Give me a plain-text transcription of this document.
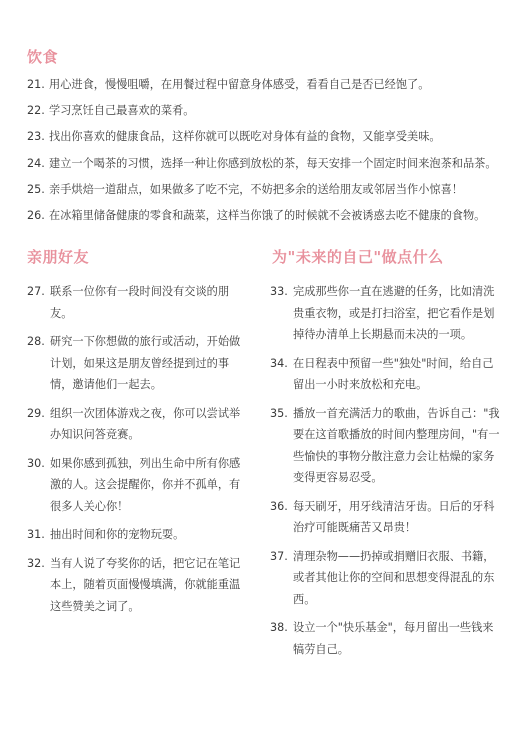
饮食
21. 用心进食，慢慢咀嚼，在用餐过程中留意身体感受，看看自己是否已经饱了。
22. 学习烹饪自己最喜欢的菜肴。
23. 找出你喜欢的健康食品，这样你就可以既吃对身体有益的食物，又能享受美味。
24. 建立一个喝茶的习惯，选择一种让你感到放松的茶，每天安排一个固定时间来泡茶和品茶。
25. 亲手烘焙一道甜点，如果做多了吃不完，不妨把多余的送给朋友或邻居当作小惊喜！
26. 在冰箱里储备健康的零食和蔬菜，这样当你饿了的时候就不会被诱惑去吃不健康的食物。
亲朋好友
27. 联系一位你有一段时间没有交谈的朋友。
28. 研究一下你想做的旅行或活动，开始做计划，如果这是朋友曾经提到过的事情，邀请他们一起去。
29. 组织一次团体游戏之夜，你可以尝试举办知识问答竞赛。
30. 如果你感到孤独，列出生命中所有你感激的人。这会提醒你，你并不孤单，有很多人关心你！
31. 抽出时间和你的宠物玩耍。
32. 当有人说了夸奖你的话，把它记在笔记本上，随着页面慢慢填满，你就能重温这些赞美之词了。
为"未来的自己"做点什么
33. 完成那些你一直在逃避的任务，比如清洗贵重衣物，或是打扫浴室，把它看作是划掉待办清单上长期悬而未决的一项。
34. 在日程表中预留一些"独处"时间，给自己留出一小时来放松和充电。
35. 播放一首充满活力的歌曲，告诉自己："我要在这首歌播放的时间内整理房间，"有一些愉快的事物分散注意力会让枯燥的家务变得更容易忍受。
36. 每天刷牙，用牙线清洁牙齿。日后的牙科治疗可能既痛苦又昂贵！
37. 清理杂物——扔掉或捐赠旧衣服、书籍，或者其他让你的空间和思想变得混乱的东西。
38. 设立一个"快乐基金"，每月留出一些钱来犒劳自己。
